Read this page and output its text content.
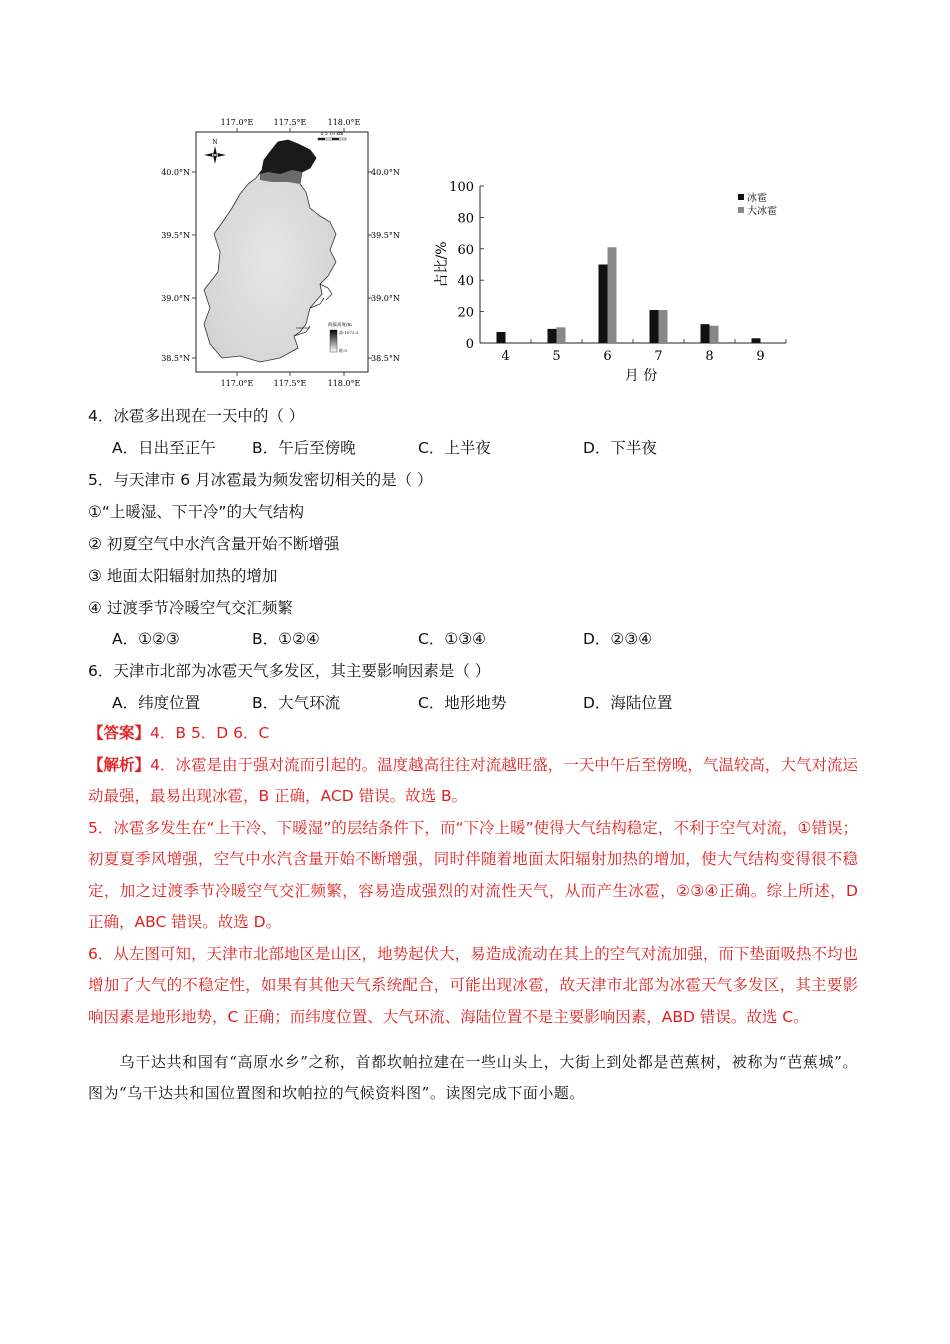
117.0°E	117.5°E	118.0°E
117.0°E	117.5°E	118.0°E
40.0°N
39.5°N
39.0°N
38.5°N
40.0°N
39.5°N
39.0°N
38.5°N
N
0 5 10 km
海拔高度/m
高:1073.3
低:0	0
20
40
60
80
100
占比/%
4	5	6	7	8	9
月 份
冰雹
大冰雹
4．冰雹多出现在一天中的（ ）
A．日出至正午 B．午后至傍晚	C．上半夜	D．下半夜
5．与天津市 6 月冰雹最为频发密切相关的是（ ）
①“上暖湿、下干冷”的大气结构
② 初夏空气中水汽含量开始不断增强
③ 地面太阳辐射加热的增加
④ 过渡季节冷暖空气交汇频繁
A．①②③	B．①②④	C．①③④	D．②③④
6．天津市北部为冰雹天气多发区，其主要影响因素是（ ）
A．纬度位置	B．大气环流	C．地形地势	D．海陆位置

【答案】4．B 5．D 6．C

【解析】4．冰雹是由于强对流而引起的。温度越高往往对流越旺盛，一天中午后至傍晚，气温较高，大气对流运动最强，最易出现冰雹，B 正确，ACD 错误。故选 B。

5．冰雹多发生在“上干冷、下暖湿”的层结条件下，而“下冷上暖”使得大气结构稳定，不利于空气对流，①错误；初夏夏季风增强，空气中水汽含量开始不断增强，同时伴随着地面太阳辐射加热的增加，使大气结构变得很不稳定，加之过渡季节冷暖空气交汇频繁，容易造成强烈的对流性天气，从而产生冰雹，②③④正确。综上所述，D 正确，ABC 错误。故选 D。

6．从左图可知，天津市北部地区是山区，地势起伏大，易造成流动在其上的空气对流加强，而下垫面吸热不均也增加了大气的不稳定性，如果有其他天气系统配合，可能出现冰雹，故天津市北部为冰雹天气多发区，其主要影响因素是地形地势，C 正确；而纬度位置、大气环流、海陆位置不是主要影响因素，ABD 错误。故选 C。

乌干达共和国有“高原水乡”之称，首都坎帕拉建在一些山头上，大街上到处都是芭蕉树，被称为“芭蕉城”。图为“乌干达共和国位置图和坎帕拉的气候资料图”。读图完成下面小题。
